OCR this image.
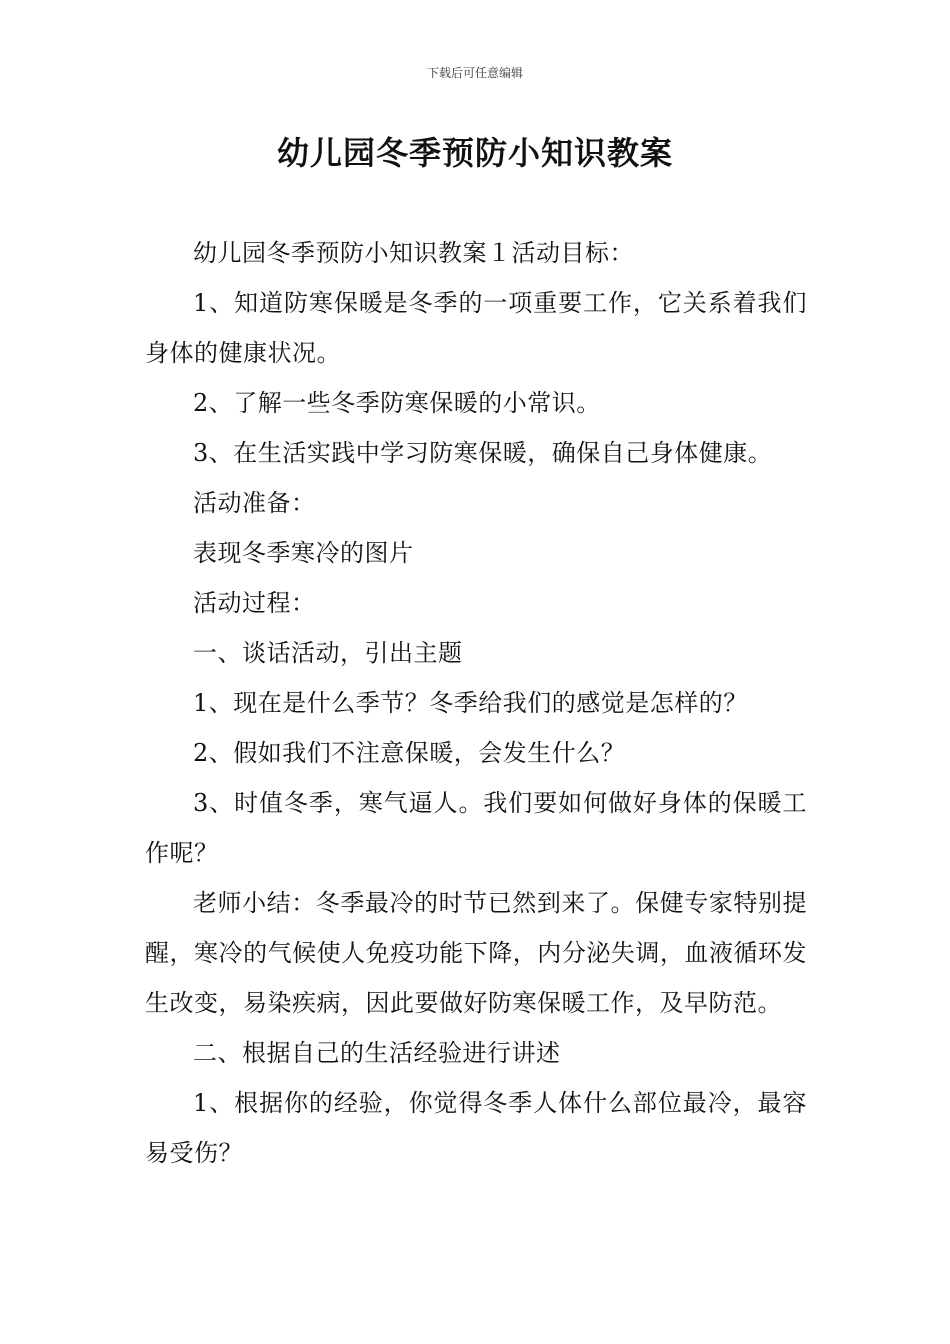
下载后可任意编辑
幼儿园冬季预防小知识教案

幼儿园冬季预防小知识教案１活动目标：

1、知道防寒保暖是冬季的一项重要工作，它关系着我们身体的健康状况。

2、了解一些冬季防寒保暖的小常识。

3、在生活实践中学习防寒保暖，确保自己身体健康。

活动准备：

表现冬季寒冷的图片

活动过程：

一、谈话活动，引出主题

1、现在是什么季节？冬季给我们的感觉是怎样的？

2、假如我们不注意保暖，会发生什么？

3、时值冬季，寒气逼人。我们要如何做好身体的保暖工作呢？

老师小结：冬季最冷的时节已然到来了。保健专家特别提醒，寒冷的气候使人免疫功能下降，内分泌失调，血液循环发生改变，易染疾病，因此要做好防寒保暖工作，及早防范。

二、根据自己的生活经验进行讲述

1、根据你的经验，你觉得冬季人体什么部位最冷，最容易受伤？
